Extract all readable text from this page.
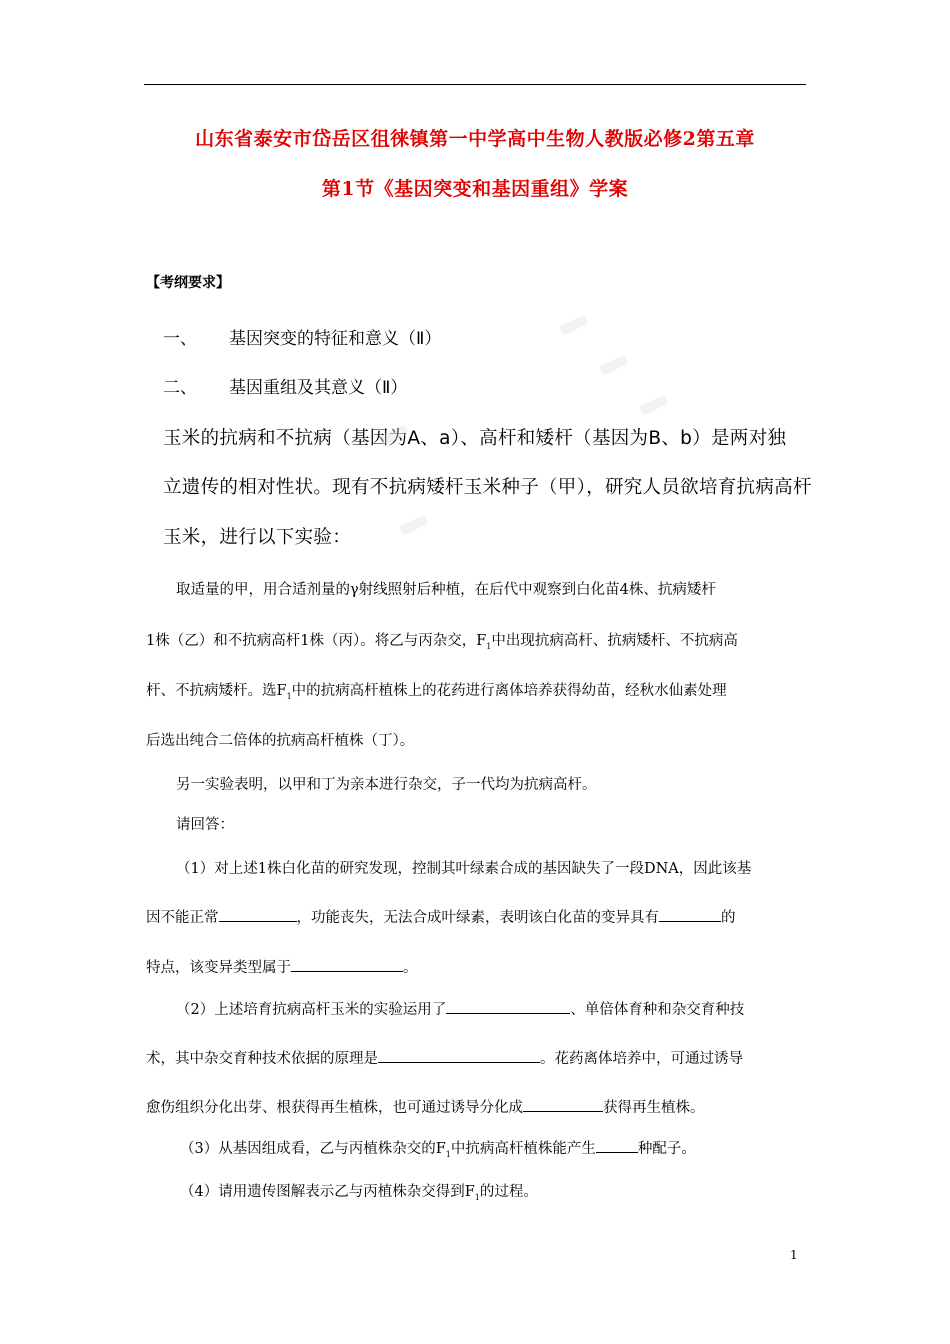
山东省泰安市岱岳区徂徕镇第一中学高中生物人教版必修2第五章
第1节《基因突变和基因重组》学案
【考纲要求】
一、 基因突变的特征和意义（Ⅱ）
二、 基因重组及其意义（Ⅱ）
玉米的抗病和不抗病（基因为A、a）、高杆和矮杆（基因为B、b）是两对独
立遗传的相对性状。现有不抗病矮杆玉米种子（甲），研究人员欲培育抗病高杆
玉米，进行以下实验：
取适量的甲，用合适剂量的γ射线照射后种植，在后代中观察到白化苗4株、抗病矮杆
1株（乙）和不抗病高杆1株（丙）。将乙与丙杂交，$F_1$中出现抗病高杆、抗病矮杆、不抗病高
杆、不抗病矮杆。选$F_1$中的抗病高杆植株上的花药进行离体培养获得幼苗，经秋水仙素处理
后选出纯合二倍体的抗病高杆植株（丁）。
另一实验表明，以甲和丁为亲本进行杂交，子一代均为抗病高杆。
请回答：
（1）对上述1株白化苗的研究发现，控制其叶绿素合成的基因缺失了一段DNA，因此该基
因不能正常	，功能丧失，无法合成叶绿素，表明该白化苗的变异具有	的
特点，该变异类型属于	。
（2）上述培育抗病高杆玉米的实验运用了	、单倍体育种和杂交育种技
术，其中杂交育种技术依据的原理是	。花药离体培养中，可通过诱导
愈伤组织分化出芽、根获得再生植株，也可通过诱导分化成	获得再生植株。
（3）从基因组成看，乙与丙植株杂交的$F_1$中抗病高杆植株能产生	种配子。
（4）请用遗传图解表示乙与丙植株杂交得到$F_1$的过程。
1
